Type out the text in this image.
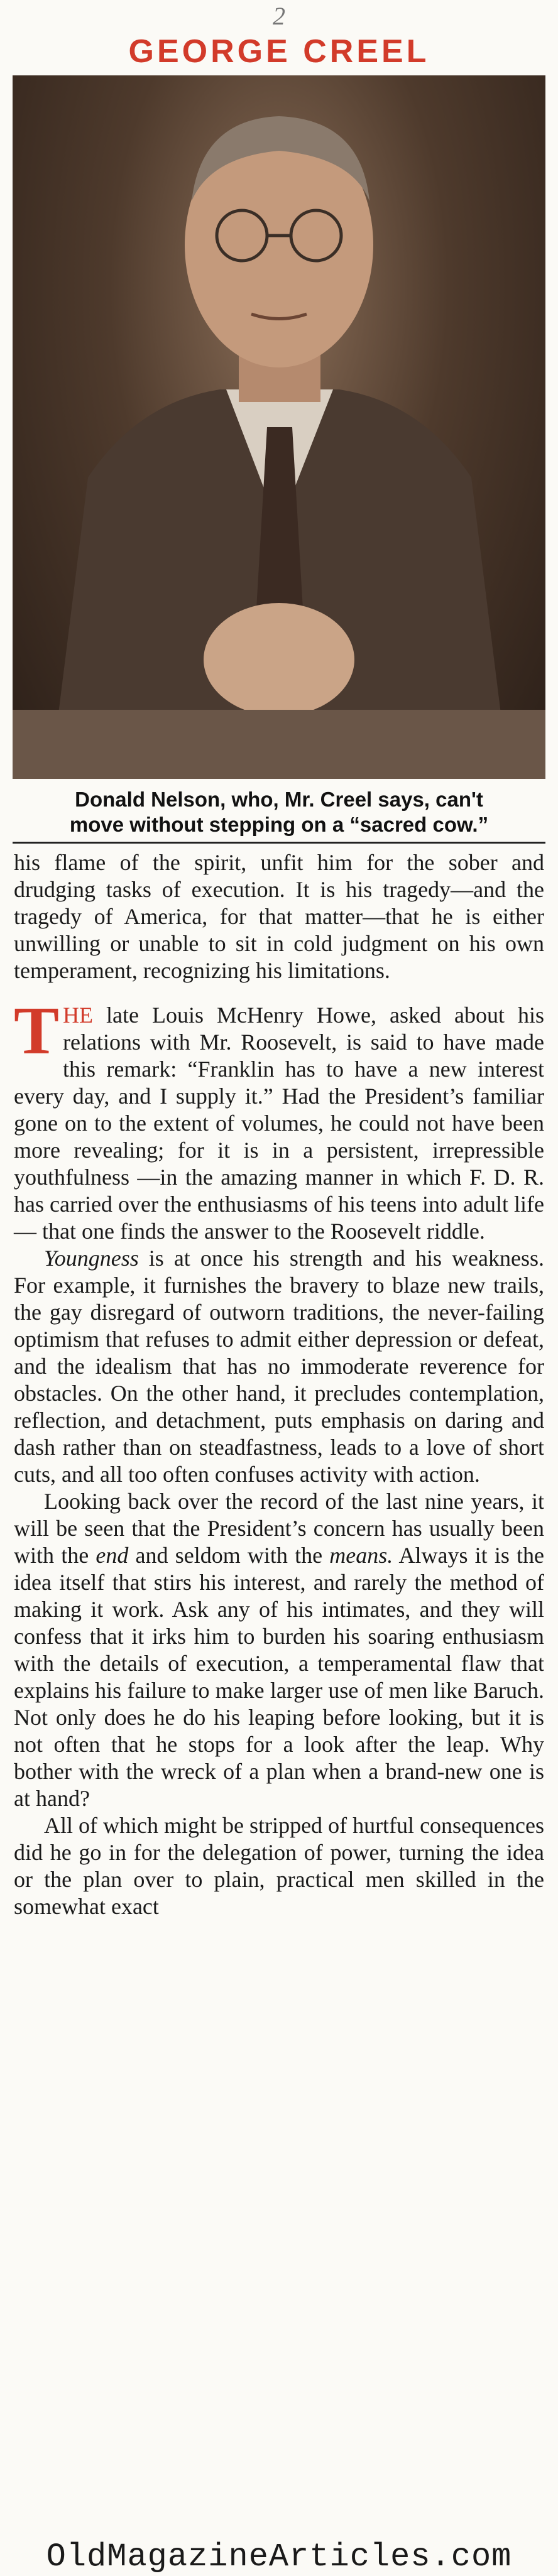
2
GEORGE CREEL
Donald Nelson, who, Mr. Creel says, can't
move without stepping on a “sacred cow.”

his flame of the spirit, unfit him for the sober and drudging tasks of execution. It is his tragedy—and the tragedy of America, for that matter—that he is either unwilling or unable to sit in cold judgment on his own temperament, recognizing his limitations.

THE late Louis McHenry Howe, asked about his relations with Mr. Roosevelt, is said to have made this remark: “Franklin has to have a new interest every day, and I supply it.” Had the President’s familiar gone on to the extent of volumes, he could not have been more revealing; for it is in a persistent, irrepressible youthfulness —in the amazing manner in which F. D. R. has carried over the enthusiasms of his teens into adult life— that one finds the answer to the Roosevelt riddle.

Youngness is at once his strength and his weakness. For example, it furnishes the bravery to blaze new trails, the gay disregard of outworn traditions, the never-failing optimism that refuses to admit either depression or defeat, and the idealism that has no immoderate reverence for obstacles. On the other hand, it precludes contemplation, reflection, and detachment, puts emphasis on daring and dash rather than on steadfastness, leads to a love of short cuts, and all too often confuses activity with action.

Looking back over the record of the last nine years, it will be seen that the President’s concern has usually been with the end and seldom with the means. Always it is the idea itself that stirs his interest, and rarely the method of making it work. Ask any of his intimates, and they will confess that it irks him to burden his soaring enthusiasm with the details of execution, a temperamental flaw that explains his failure to make larger use of men like Baruch. Not only does he do his leaping before looking, but it is not often that he stops for a look after the leap. Why bother with the wreck of a plan when a brand-new one is at hand?

All of which might be stripped of hurtful consequences did he go in for the delegation of power, turning the idea or the plan over to plain, practical men skilled in the somewhat exact

OldMagazineArticles.com
